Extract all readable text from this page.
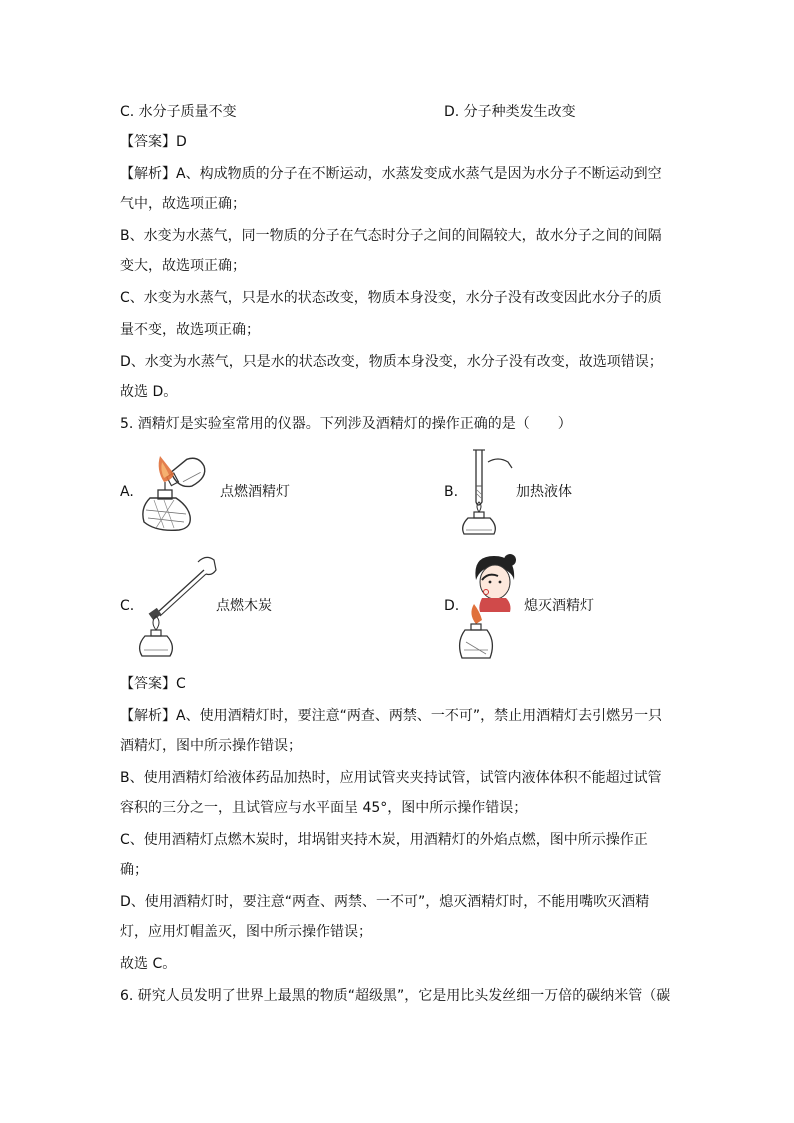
C. 水分子质量不变	D. 分子种类发生改变
【答案】D
【解析】A、构成物质的分子在不断运动，水蒸发变成水蒸气是因为水分子不断运动到空
气中，故选项正确；
B、水变为水蒸气，同一物质的分子在气态时分子之间的间隔较大，故水分子之间的间隔
变大，故选项正确；
C、水变为水蒸气，只是水的状态改变，物质本身没变，水分子没有改变因此水分子的质
量不变，故选项正确；
D、水变为水蒸气，只是水的状态改变，物质本身没变，水分子没有改变，故选项错误；
故选 D。
5. 酒精灯是实验室常用的仪器。下列涉及酒精灯的操作正确的是（　　）
A.	点燃酒精灯	B.	加热液体
C.	点燃木炭	D.	熄灭酒精灯
【答案】C
【解析】A、使用酒精灯时，要注意“两查、两禁、一不可”，禁止用酒精灯去引燃另一只
酒精灯，图中所示操作错误；
B、使用酒精灯给液体药品加热时，应用试管夹夹持试管，试管内液体体积不能超过试管
容积的三分之一，且试管应与水平面呈 45°，图中所示操作错误；
C、使用酒精灯点燃木炭时，坩埚钳夹持木炭，用酒精灯的外焰点燃，图中所示操作正
确；
D、使用酒精灯时，要注意“两查、两禁、一不可”，熄灭酒精灯时，不能用嘴吹灭酒精
灯，应用灯帽盖灭，图中所示操作错误；
故选 C。
6. 研究人员发明了世界上最黑的物质“超级黑”，它是用比头发丝细一万倍的碳纳米管（碳
